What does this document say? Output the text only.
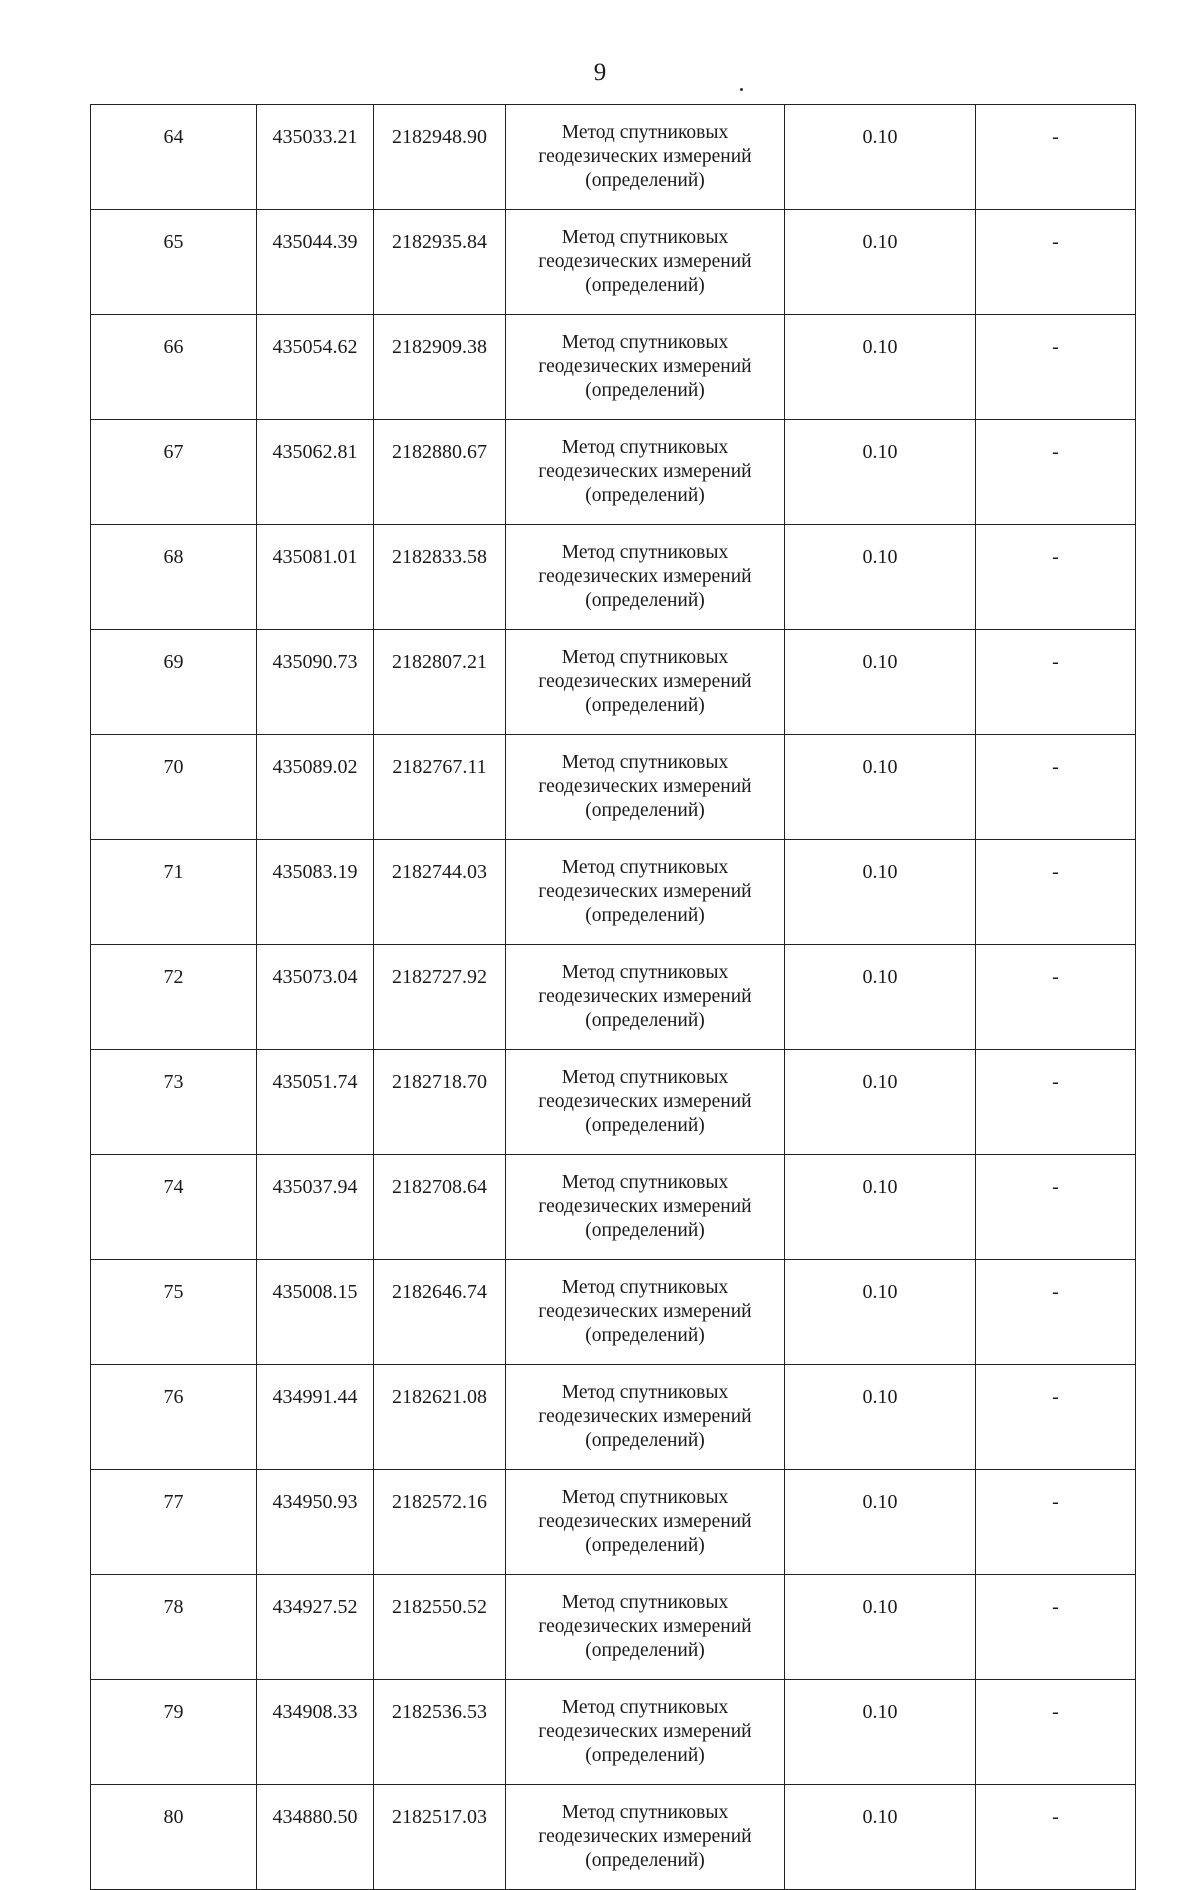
9
64	435033.21	2182948.90	Метод спутниковых
геодезических измерений
(определений)	0.10	-
65	435044.39	2182935.84	Метод спутниковых
геодезических измерений
(определений)	0.10	-
66	435054.62	2182909.38	Метод спутниковых
геодезических измерений
(определений)	0.10	-
67	435062.81	2182880.67	Метод спутниковых
геодезических измерений
(определений)	0.10	-
68	435081.01	2182833.58	Метод спутниковых
геодезических измерений
(определений)	0.10	-
69	435090.73	2182807.21	Метод спутниковых
геодезических измерений
(определений)	0.10	-
70	435089.02	2182767.11	Метод спутниковых
геодезических измерений
(определений)	0.10	-
71	435083.19	2182744.03	Метод спутниковых
геодезических измерений
(определений)	0.10	-
72	435073.04	2182727.92	Метод спутниковых
геодезических измерений
(определений)	0.10	-
73	435051.74	2182718.70	Метод спутниковых
геодезических измерений
(определений)	0.10	-
74	435037.94	2182708.64	Метод спутниковых
геодезических измерений
(определений)	0.10	-
75	435008.15	2182646.74	Метод спутниковых
геодезических измерений
(определений)	0.10	-
76	434991.44	2182621.08	Метод спутниковых
геодезических измерений
(определений)	0.10	-
77	434950.93	2182572.16	Метод спутниковых
геодезических измерений
(определений)	0.10	-
78	434927.52	2182550.52	Метод спутниковых
геодезических измерений
(определений)	0.10	-
79	434908.33	2182536.53	Метод спутниковых
геодезических измерений
(определений)	0.10	-
80	434880.50	2182517.03	Метод спутниковых
геодезических измерений
(определений)	0.10	-
